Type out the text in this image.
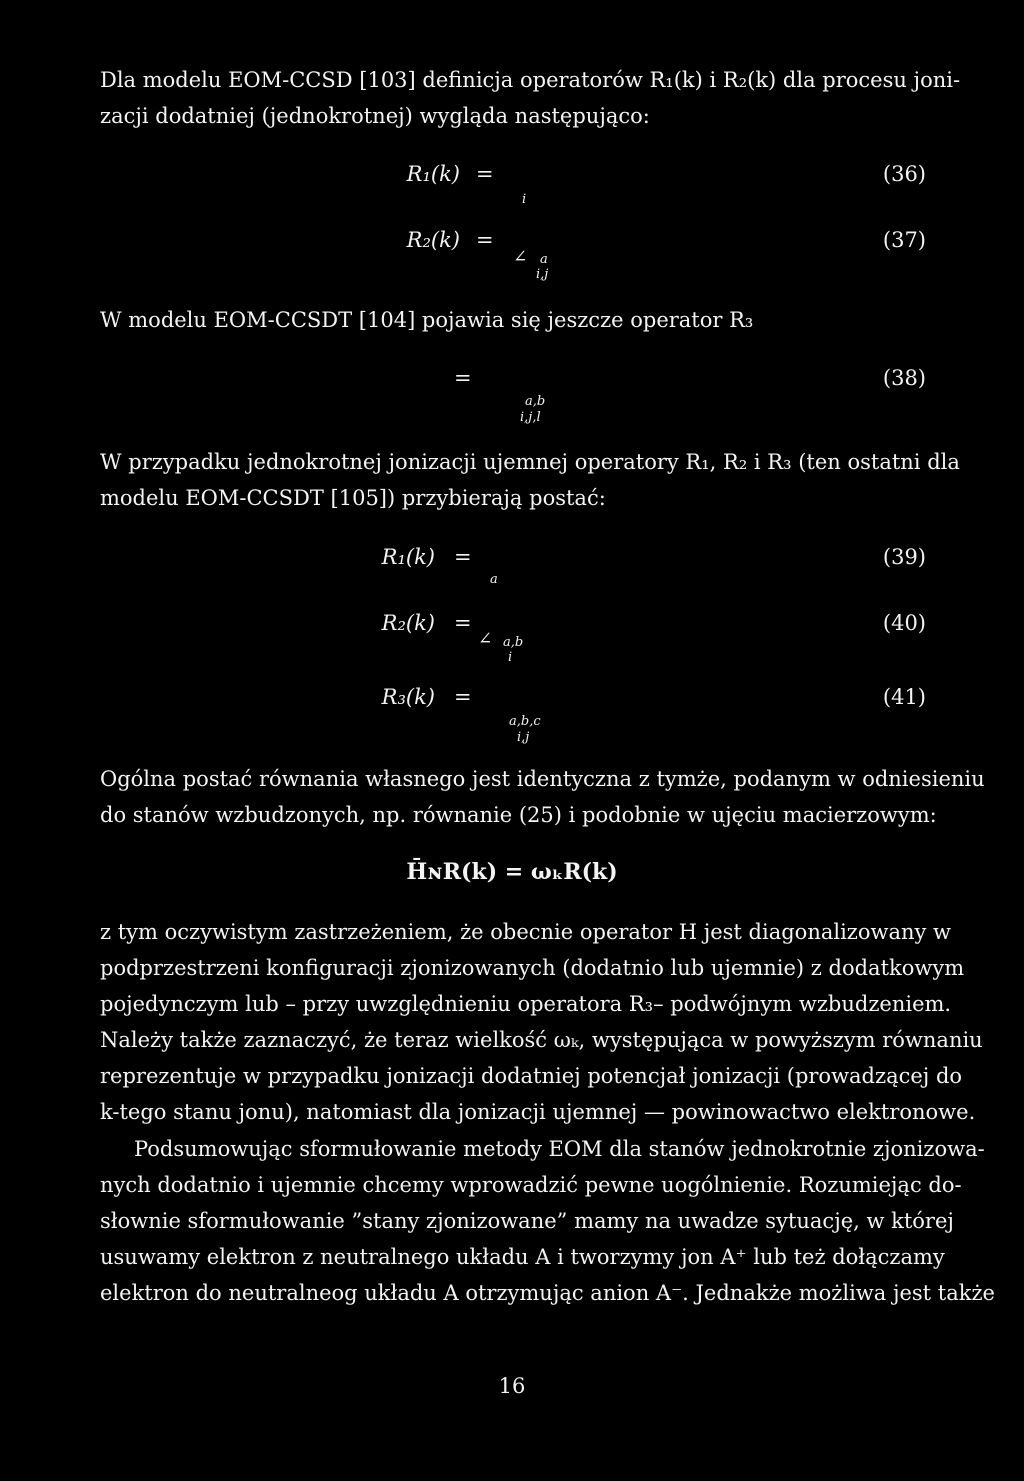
Dla modelu EOM-CCSD [103] definicja operatorów R₁(k) i R₂(k) dla procesu joni-
zacji dodatniej (jednokrotnej) wygląda następująco:
R₁(k) =
i
(36)
R₂(k) =
∠ a
i,j
(37)
W modelu EOM-CCSDT [104] pojawia się jeszcze operator R₃
=
a,b
i,j,l
(38)
W przypadku jednokrotnej jonizacji ujemnej operatory R₁, R₂ i R₃ (ten ostatni dla
modelu EOM-CCSDT [105]) przybierają postać:
R₁(k) =
a
(39)
R₂(k) =
∠ a,b
i
(40)
R₃(k) =
a,b,c
i,j
(41)
Ogólna postać równania własnego jest identyczna z tymże, podanym w odniesieniu
do stanów wzbudzonych, np. równanie (25) i podobnie w ujęciu macierzowym:
H̄ɴR(k) = ωₖR(k)
z tym oczywistym zastrzeżeniem, że obecnie operator H jest diagonalizowany w
podprzestrzeni konfiguracji zjonizowanych (dodatnio lub ujemnie) z dodatkowym
pojedynczym lub – przy uwzględnieniu operatora R₃– podwójnym wzbudzeniem.
Należy także zaznaczyć, że teraz wielkość ωₖ, występująca w powyższym równaniu
reprezentuje w przypadku jonizacji dodatniej potencjał jonizacji (prowadzącej do
k-tego stanu jonu), natomiast dla jonizacji ujemnej — powinowactwo elektronowe.
Podsumowując sformułowanie metody EOM dla stanów jednokrotnie zjonizowa-
nych dodatnio i ujemnie chcemy wprowadzić pewne uogólnienie. Rozumiejąc do-
słownie sformułowanie ”stany zjonizowane” mamy na uwadze sytuację, w której
usuwamy elektron z neutralnego układu A i tworzymy jon A⁺ lub też dołączamy
elektron do neutralneog układu A otrzymując anion A⁻. Jednakże możliwa jest także
16
